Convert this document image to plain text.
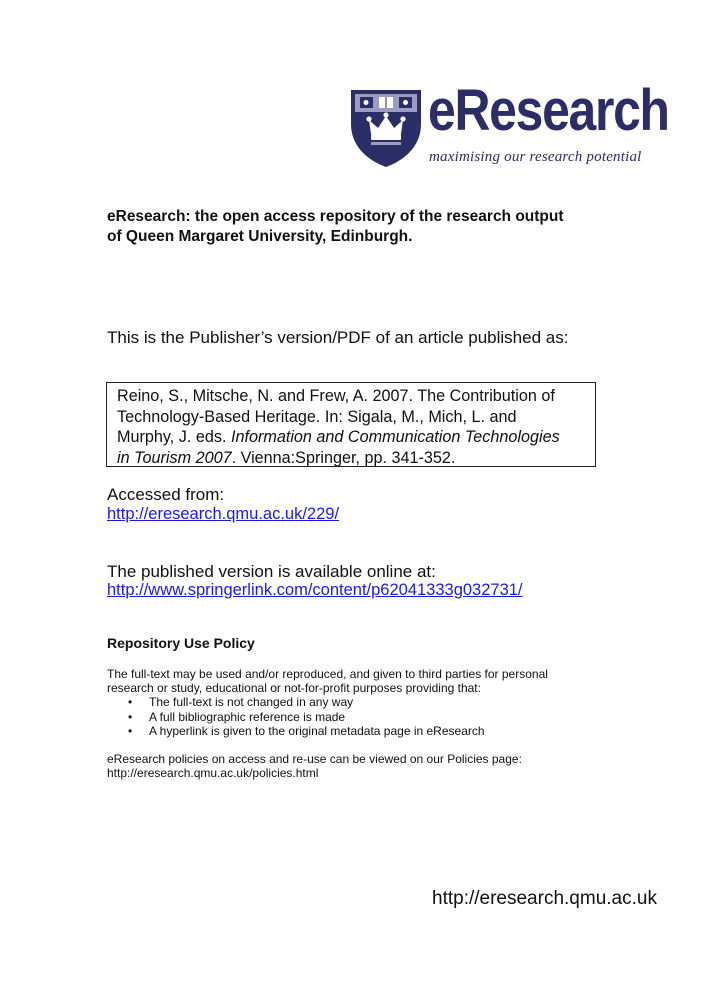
eResearch
maximising our research potential
eResearch: the open access repository of the research output
of Queen Margaret University, Edinburgh.
This is the Publisher’s version/PDF of an article published as:
Reino, S., Mitsche, N. and Frew, A. 2007. The Contribution of
Technology-Based Heritage. In: Sigala, M., Mich, L. and
Murphy, J. eds. Information and Communication Technologies
in Tourism 2007. Vienna:Springer, pp. 341-352.
Accessed from:
http://eresearch.qmu.ac.uk/229/
The published version is available online at:
http://www.springerlink.com/content/p62041333g032731/
Repository Use Policy
The full-text may be used and/or reproduced, and given to third parties for personal
research or study, educational or not-for-profit purposes providing that:
• The full-text is not changed in any way
• A full bibliographic reference is made
• A hyperlink is given to the original metadata page in eResearch
eResearch policies on access and re-use can be viewed on our Policies page:
http://eresearch.qmu.ac.uk/policies.html
http://eresearch.qmu.ac.uk
